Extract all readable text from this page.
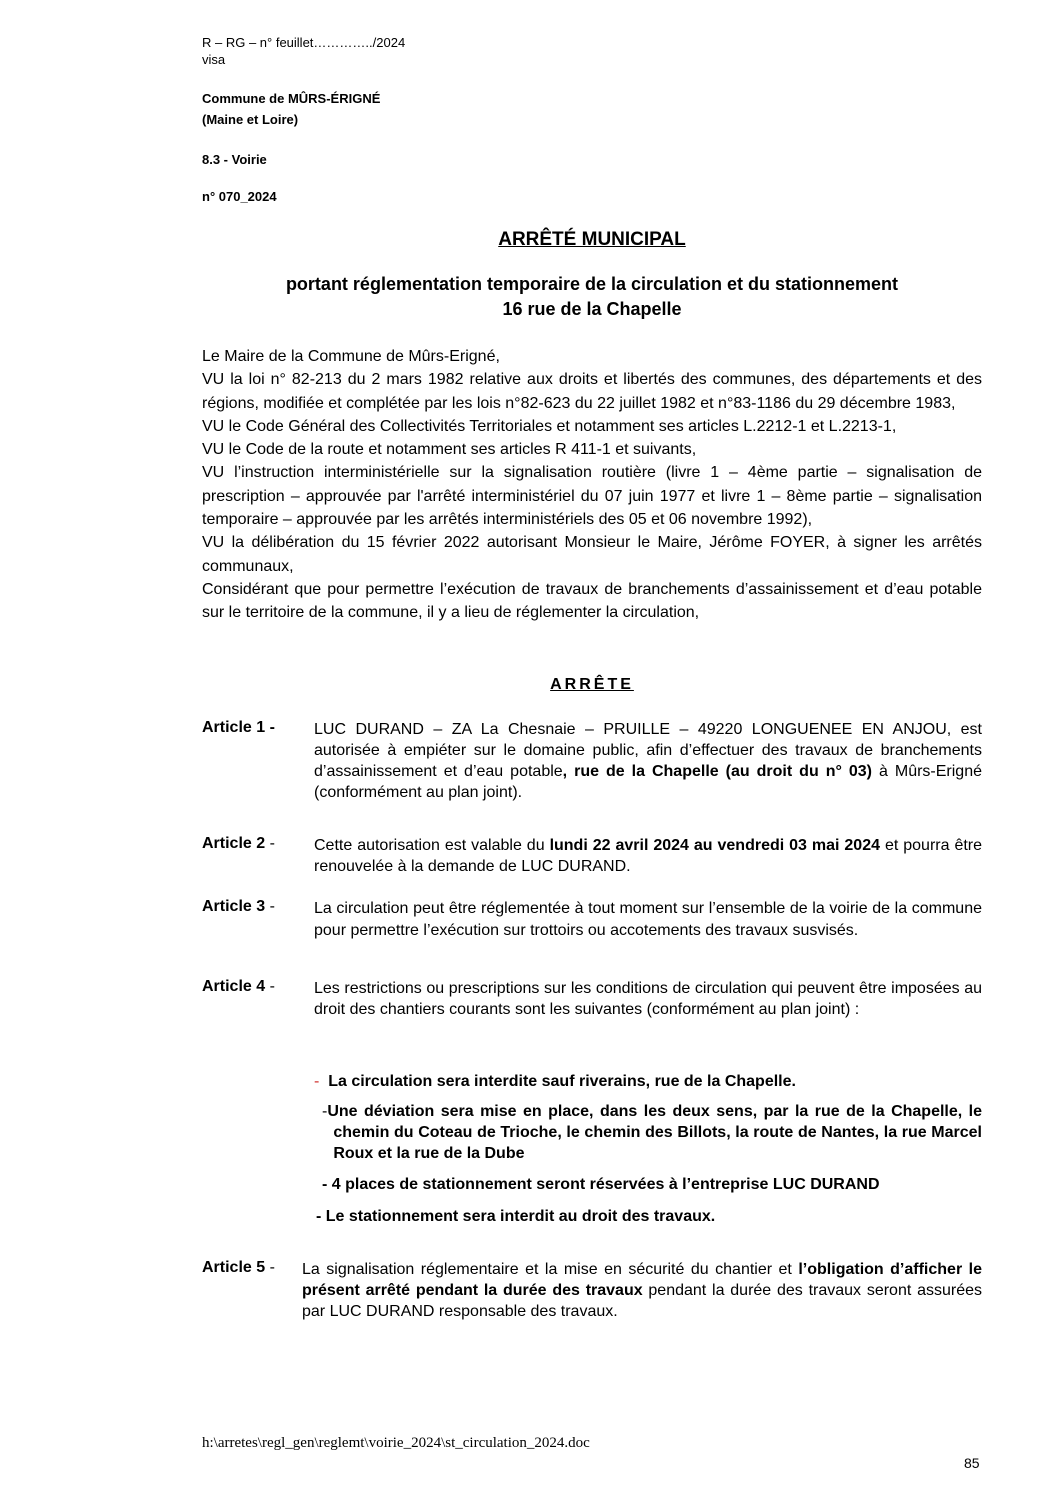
R – RG – n° feuillet…………../2024
visa
Commune de MÛRS-ÉRIGNÉ
(Maine et Loire)
8.3 - Voirie
n° 070_2024
ARRÊTÉ MUNICIPAL
portant réglementation temporaire de la circulation et du stationnement
16 rue de la Chapelle

Le Maire de la Commune de Mûrs-Erigné,

VU la loi n° 82-213 du 2 mars 1982 relative aux droits et libertés des communes, des départements et des régions, modifiée et complétée par les lois n°82-623 du 22 juillet 1982 et n°83-1186 du 29 décembre 1983,

VU le Code Général des Collectivités Territoriales et notamment ses articles L.2212-1 et L.2213-1,

VU le Code de la route et notamment ses articles R 411-1 et suivants,

VU l’instruction interministérielle sur la signalisation routière (livre 1 – 4ème partie – signalisation de prescription – approuvée par l'arrêté interministériel du 07 juin 1977 et livre 1 – 8ème partie – signalisation temporaire – approuvée par les arrêtés interministériels des 05 et 06 novembre 1992),

VU la délibération du 15 février 2022 autorisant Monsieur le Maire, Jérôme FOYER, à signer les arrêtés communaux,

Considérant que pour permettre l’exécution de travaux de branchements d’assainissement et d’eau potable sur le territoire de la commune, il y a lieu de réglementer la circulation,

ARRÊTE
Article 1 - LUC DURAND – ZA La Chesnaie – PRUILLE – 49220 LONGUENEE EN ANJOU, est autorisée à empiéter sur le domaine public, afin d’effectuer des travaux de branchements d’assainissement et d’eau potable, rue de la Chapelle (au droit du n° 03) à Mûrs-Erigné (conformément au plan joint).
Article 2 - Cette autorisation est valable du lundi 22 avril 2024 au vendredi 03 mai 2024 et pourra être renouvelée à la demande de LUC DURAND.
Article 3 - La circulation peut être réglementée à tout moment sur l’ensemble de la voirie de la commune pour permettre l’exécution sur trottoirs ou accotements des travaux susvisés.
Article 4 - Les restrictions ou prescriptions sur les conditions de circulation qui peuvent être imposées au droit des chantiers courants sont les suivantes (conformément au plan joint) :
- La circulation sera interdite sauf riverains, rue de la Chapelle.
- Une déviation sera mise en place, dans les deux sens, par la rue de la Chapelle, le chemin du Coteau de Trioche, le chemin des Billots, la route de Nantes, la rue Marcel Roux et la rue de la Dube
- 4 places de stationnement seront réservées à l’entreprise LUC DURAND
- Le stationnement sera interdit au droit des travaux.
Article 5 - La signalisation réglementaire et la mise en sécurité du chantier et l’obligation d’afficher le présent arrêté pendant la durée des travaux pendant la durée des travaux seront assurées par LUC DURAND responsable des travaux.
h:\arretes\regl_gen\reglemt\voirie_2024\st_circulation_2024.doc
85
